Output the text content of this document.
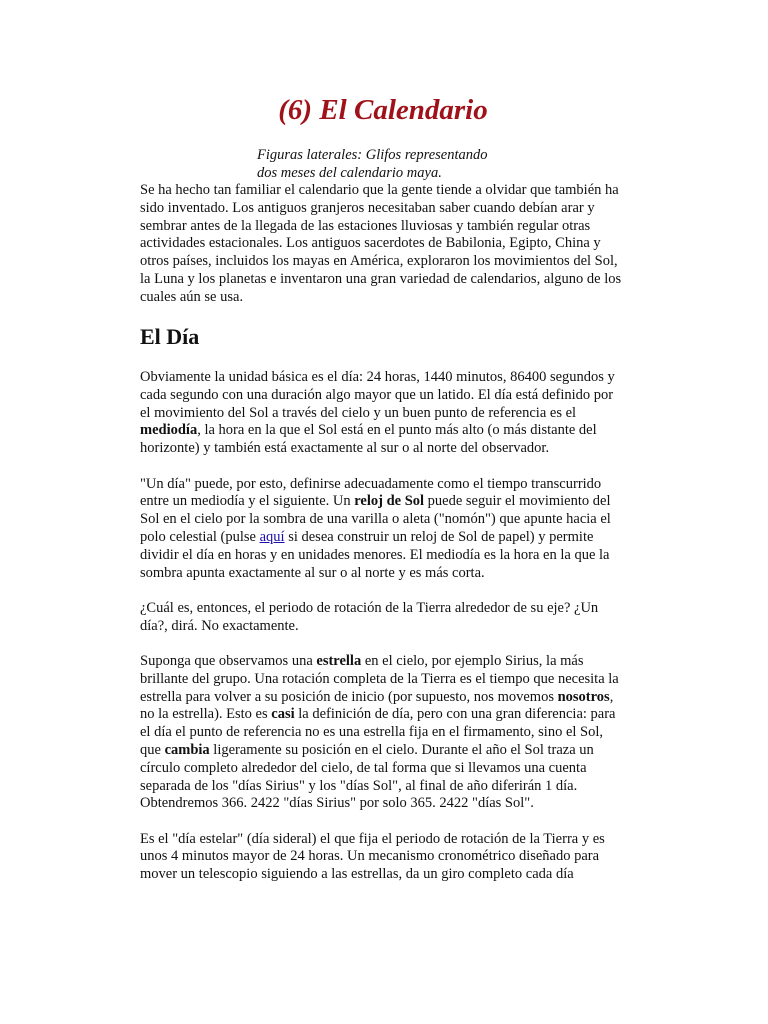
(6) El Calendario
Figuras laterales: Glifos representando
dos meses del calendario maya.

Se ha hecho tan familiar el calendario que la gente tiende a olvidar que también ha sido inventado. Los antiguos granjeros necesitaban saber cuando debían arar y sembrar antes de la llegada de las estaciones lluviosas y también regular otras actividades estacionales. Los antiguos sacerdotes de Babilonia, Egipto, China y otros países, incluidos los mayas en América, exploraron los movimientos del Sol, la Luna y los planetas e inventaron una gran variedad de calendarios, alguno de los cuales aún se usa.

El Día

Obviamente la unidad básica es el día: 24 horas, 1440 minutos, 86400 segundos y cada segundo con una duración algo mayor que un latido. El día está definido por el movimiento del Sol a través del cielo y un buen punto de referencia es el mediodía, la hora en la que el Sol está en el punto más alto (o más distante del horizonte) y también está exactamente al sur o al norte del observador.

"Un día" puede, por esto, definirse adecuadamente como el tiempo transcurrido entre un mediodía y el siguiente. Un reloj de Sol puede seguir el movimiento del Sol en el cielo por la sombra de una varilla o aleta ("nomón") que apunte hacia el polo celestial (pulse aquí si desea construir un reloj de Sol de papel) y permite dividir el día en horas y en unidades menores. El mediodía es la hora en la que la sombra apunta exactamente al sur o al norte y es más corta.

¿Cuál es, entonces, el periodo de rotación de la Tierra alrededor de su eje? ¿Un día?, dirá. No exactamente.

Suponga que observamos una estrella en el cielo, por ejemplo Sirius, la más brillante del grupo. Una rotación completa de la Tierra es el tiempo que necesita la estrella para volver a su posición de inicio (por supuesto, nos movemos nosotros, no la estrella). Esto es casi la definición de día, pero con una gran diferencia: para el día el punto de referencia no es una estrella fija en el firmamento, sino el Sol, que cambia ligeramente su posición en el cielo. Durante el año el Sol traza un círculo completo alrededor del cielo, de tal forma que si llevamos una cuenta separada de los "días Sirius" y los "días Sol", al final de año diferirán 1 día. Obtendremos 366. 2422 "días Sirius" por solo 365. 2422 "días Sol".

Es el "día estelar" (día sideral) el que fija el periodo de rotación de la Tierra y es unos 4 minutos mayor de 24 horas. Un mecanismo cronométrico diseñado para mover un telescopio siguiendo a las estrellas, da un giro completo cada día
